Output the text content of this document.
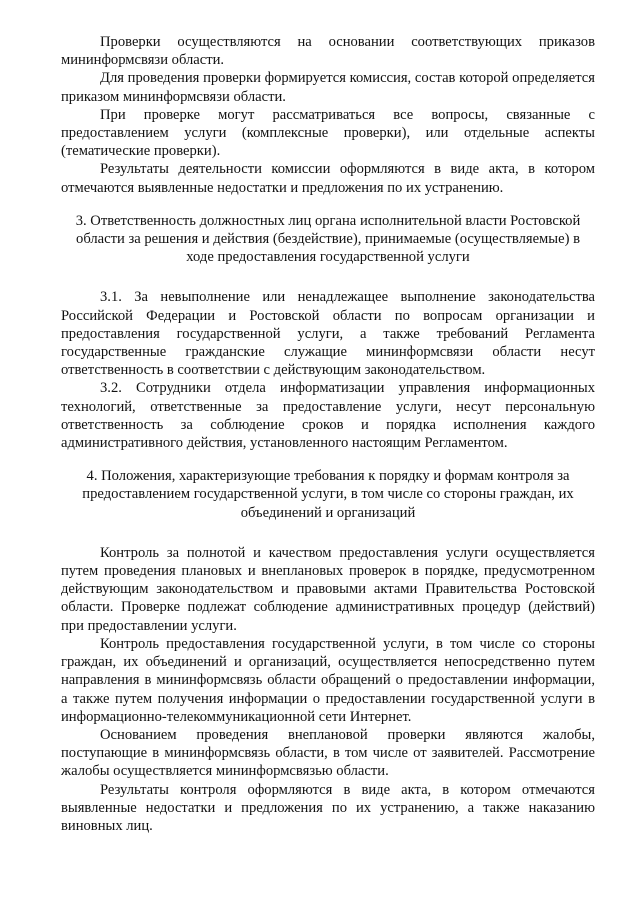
Проверки осуществляются на основании соответствующих приказов мининформсвязи области.

Для проведения проверки формируется комиссия, состав которой определяется приказом мининформсвязи области.

При проверке могут рассматриваться все вопросы, связанные с предоставлением услуги (комплексные проверки), или отдельные аспекты (тематические проверки).

Результаты деятельности комиссии оформляются в виде акта, в котором отмечаются выявленные недостатки и предложения по их устранению.

3. Ответственность должностных лиц органа исполнительной власти Ростовской области за решения и действия (бездействие), принимаемые (осуществляемые) в ходе предоставления государственной услуги

3.1. За невыполнение или ненадлежащее выполнение законодательства Российской Федерации и Ростовской области по вопросам организации и предоставления государственной услуги, а также требований Регламента государственные гражданские служащие мининформсвязи области несут ответственность в соответствии с действующим законодательством.

3.2. Сотрудники отдела информатизации управления информационных технологий, ответственные за предоставление услуги, несут персональную ответственность за соблюдение сроков и порядка исполнения каждого административного действия, установленного настоящим Регламентом.

4. Положения, характеризующие требования к порядку и формам контроля за предоставлением государственной услуги, в том числе со стороны граждан, их объединений и организаций

Контроль за полнотой и качеством предоставления услуги осуществляется путем проведения плановых и внеплановых проверок в порядке, предусмотренном действующим законодательством и правовыми актами Правительства Ростовской области. Проверке подлежат соблюдение административных процедур (действий) при предоставлении услуги.

Контроль предоставления государственной услуги, в том числе со стороны граждан, их объединений и организаций, осуществляется непосредственно путем направления в мининформсвязь области обращений о предоставлении информации, а также путем получения информации о предоставлении государственной услуги в информационно-телекоммуникационной сети Интернет.

Основанием проведения внеплановой проверки являются жалобы, поступающие в мининформсвязь области, в том числе от заявителей. Рассмотрение жалобы осуществляется мининформсвязью области.

Результаты контроля оформляются в виде акта, в котором отмечаются выявленные недостатки и предложения по их устранению, а также наказанию виновных лиц.
